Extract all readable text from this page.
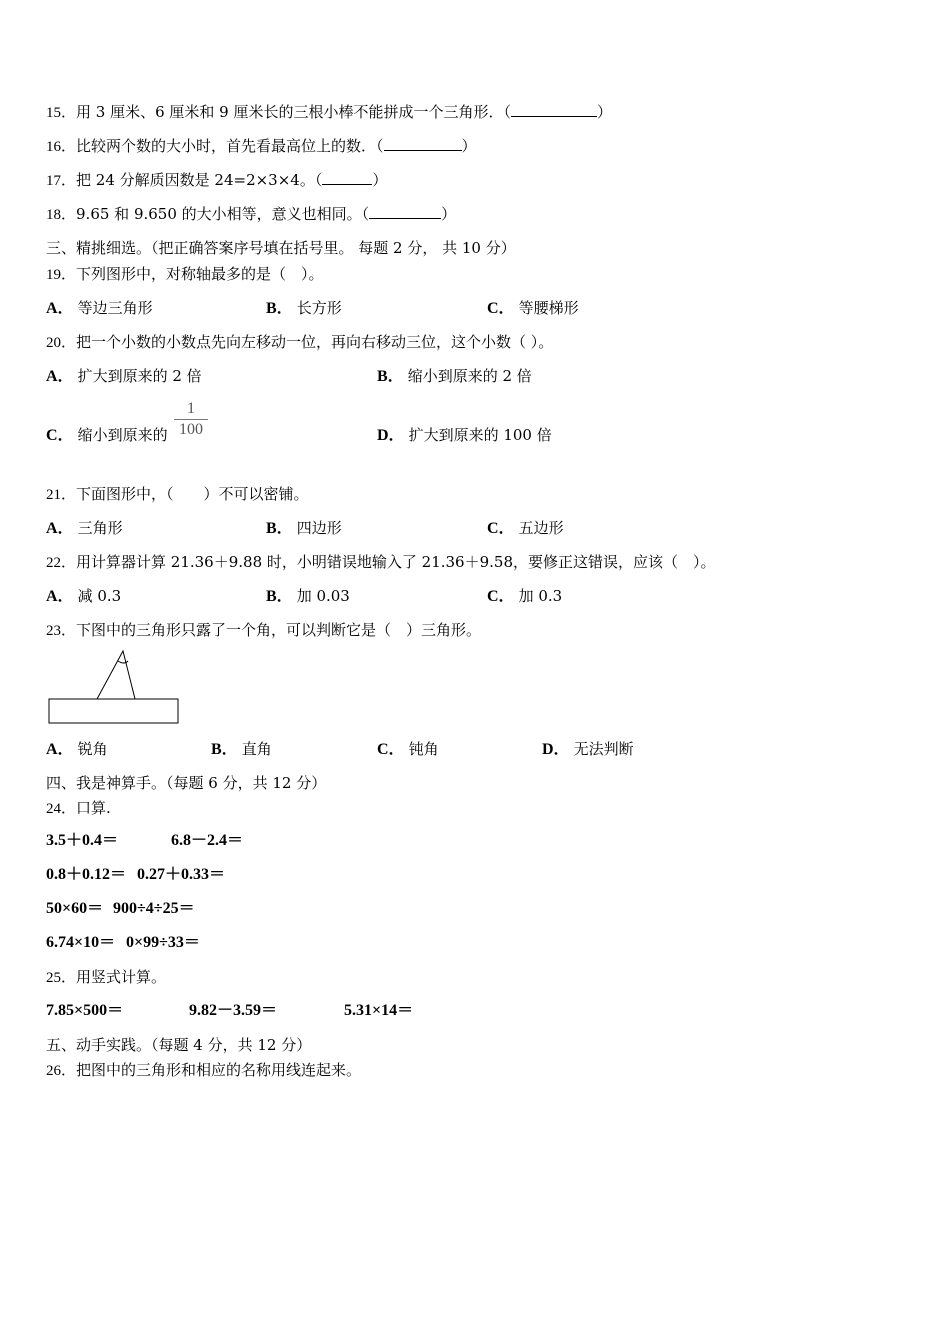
15．用 3 厘米、6 厘米和 9 厘米长的三根小棒不能拼成一个三角形．（	）
16．比较两个数的大小时，首先看最高位上的数．（	）
17．把 24 分解质因数是 24=2×3×4。（	）
18．9.65 和 9.650 的大小相等，意义也相同。（	）
三、精挑细选。（把正确答案序号填在括号里。 每题 2 分， 共 10 分）
19．下列图形中，对称轴最多的是（　）。
A． 等边三角形	B． 长方形	C． 等腰梯形
20．把一个小数的小数点先向左移动一位，再向右移动三位，这个小数（ ）。
A． 扩大到原来的 2 倍	B． 缩小到原来的 2 倍
C． 缩小到原来的
1
100	D． 扩大到原来的 100 倍
21．下面图形中，（　　）不可以密铺。
A． 三角形	B． 四边形	C． 五边形
22．用计算器计算 21.36＋9.88 时，小明错误地输入了 21.36＋9.58，要修正这错误，应该（　）。
A． 减 0.3	B． 加 0.03	C． 加 0.3
23．下图中的三角形只露了一个角，可以判断它是（　）三角形。
A． 锐角	B． 直角	C． 钝角	D． 无法判断
四、我是神算手。（每题 6 分，共 12 分）
24．口算.
3.5＋0.4＝	6.8－2.4＝
0.8＋0.12＝ 0.27＋0.33＝
50×60＝ 900÷4÷25＝
6.74×10＝ 0×99÷33＝
25．用竖式计算。
7.85×500＝	9.82－3.59＝	5.31×14＝
五、动手实践。（每题 4 分，共 12 分）
26．把图中的三角形和相应的名称用线连起来。
